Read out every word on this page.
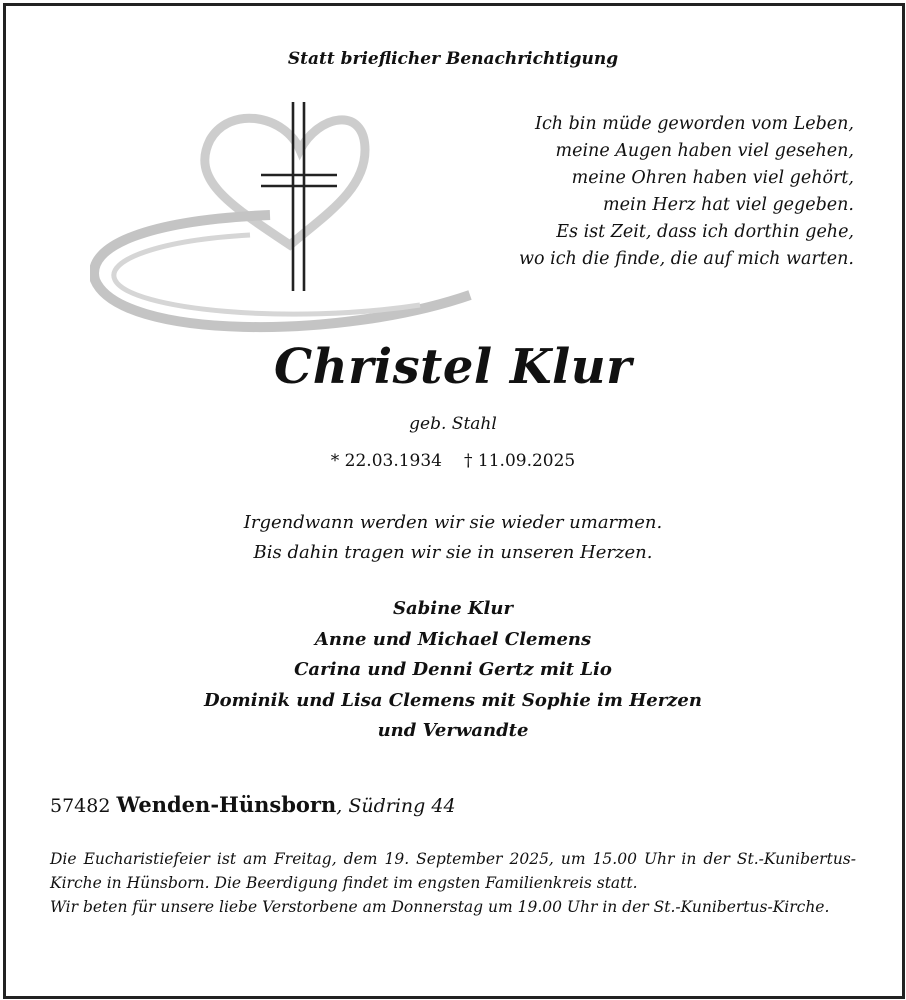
Statt brieflicher Benachrichtigung
Ich bin müde geworden vom Leben,
meine Augen haben viel gesehen,
meine Ohren haben viel gehört,
mein Herz hat viel gegeben.
Es ist Zeit, dass ich dorthin gehe,
wo ich die finde, die auf mich warten.
Christel Klur
geb. Stahl
* 22.03.1934 † 11.09.2025
Irgendwann werden wir sie wieder umarmen.
Bis dahin tragen wir sie in unseren Herzen.
Sabine Klur
Anne und Michael Clemens
Carina und Denni Gertz mit Lio
Dominik und Lisa Clemens mit Sophie im Herzen
und Verwandte
57482 Wenden-Hünsborn, Südring 44

Die Eucharistiefeier ist am Freitag, dem 19. September 2025, um 15.00 Uhr in der St.-Kunibertus-Kirche in Hünsborn. Die Beerdigung findet im engsten Familienkreis statt.

Wir beten für unsere liebe Verstorbene am Donnerstag um 19.00 Uhr in der St.-Kunibertus-Kirche.
